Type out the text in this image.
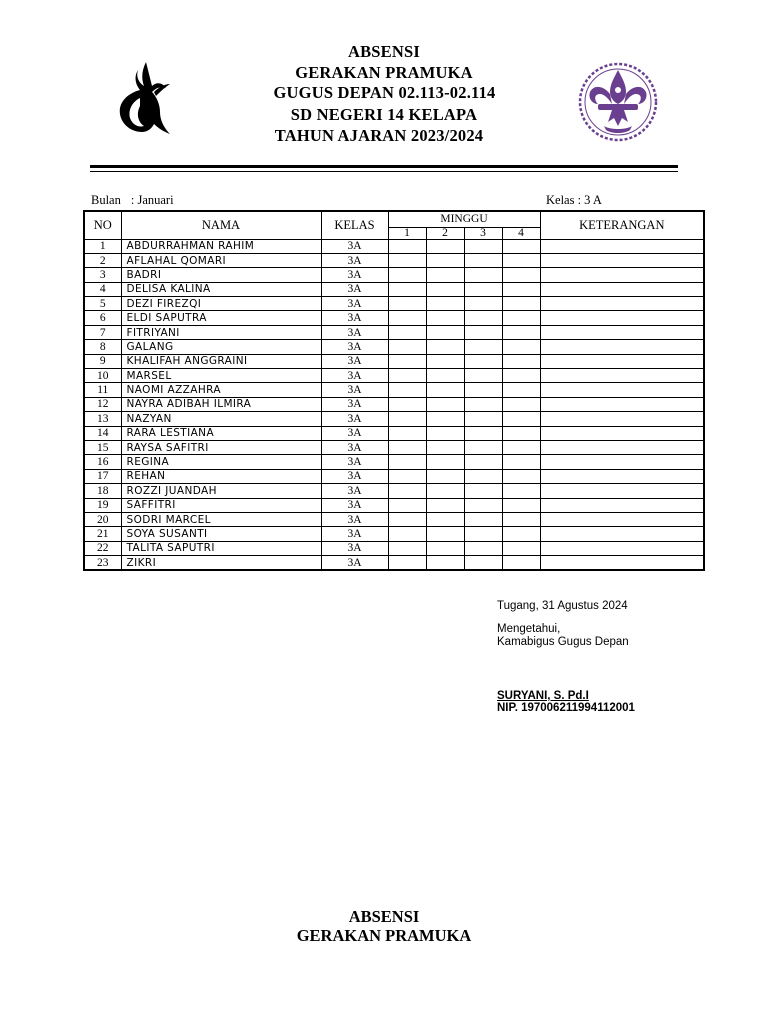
ABSENSI
GERAKAN PRAMUKA
GUGUS DEPAN 02.113-02.114
SD NEGERI 14 KELAPA
TAHUN AJARAN 2023/2024
Bulan : Januari	Kelas : 3 A
NO	NAMA	KELAS	MINGGU				KETERANGAN
			1	2	3	4	
1	ABDURRAHMAN RAHIM	3A					
2	AFLAHAL QOMARI	3A					
3	BADRI	3A					
4	DELISA KALINA	3A					
5	DEZI FIREZQI	3A					
6	ELDI SAPUTRA	3A					
7	FITRIYANI	3A					
8	GALANG	3A					
9	KHALIFAH ANGGRAINI	3A					
10	MARSEL	3A					
11	NAOMI AZZAHRA	3A					
12	NAYRA ADIBAH ILMIRA	3A					
13	NAZYAN	3A					
14	RARA LESTIANA	3A					
15	RAYSA SAFITRI	3A					
16	REGINA	3A					
17	REHAN	3A					
18	ROZZI JUANDAH	3A					
19	SAFFITRI	3A					
20	SODRI MARCEL	3A					
21	SOYA SUSANTI	3A					
22	TALITA SAPUTRI	3A					
23	ZIKRI	3A					
Tugang, 31 Agustus 2024
Mengetahui,
Kamabigus Gugus Depan
SURYANI, S. Pd.I
NIP. 197006211994112001
ABSENSI
GERAKAN PRAMUKA
